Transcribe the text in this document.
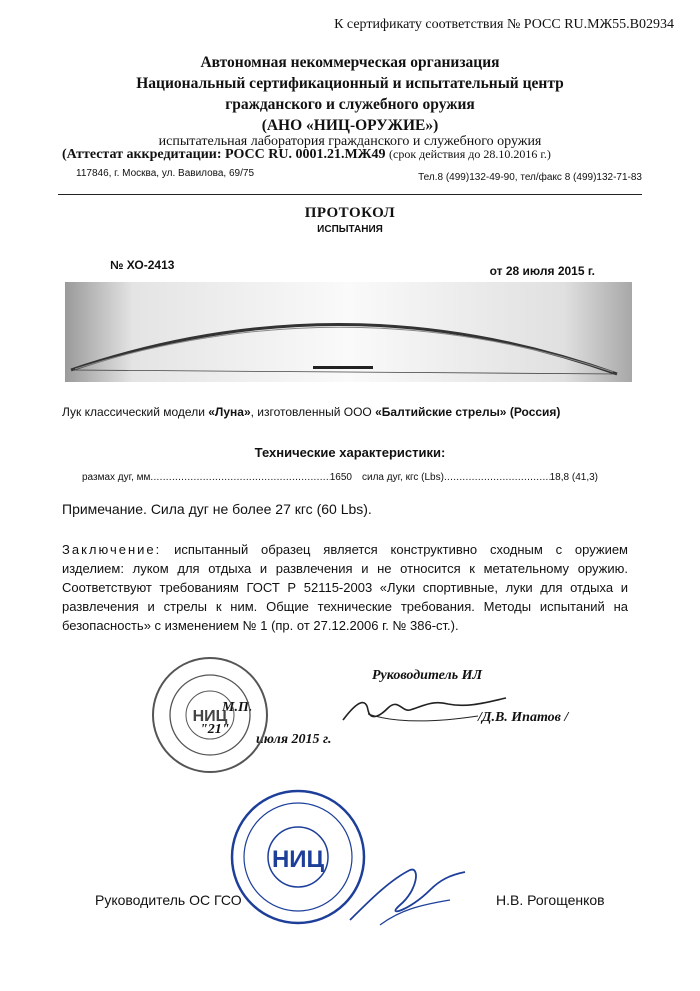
К сертификату соответствия № РОСС RU.МЖ55.В02934
Автономная некоммерческая организация
Национальный сертификационный и испытательный центр
гражданского и служебного оружия
(АНО «НИЦ-ОРУЖИЕ»)
испытательная лаборатория гражданского и служебного оружия
(Аттестат аккредитации: РОСС RU. 0001.21.МЖ49 (срок действия до 28.10.2016 г.)
117846, г. Москва, ул. Вавилова, 69/75	Тел.8 (499)132-49-90, тел/факс 8 (499)132-71-83
ПРОТОКОЛ
ИСПЫТАНИЯ
№ ХО-2413	от 28 июля 2015 г.
Лук классический модели «Луна», изготовленный ООО «Балтийские стрелы» (Россия)
Технические характеристики:
размах дуг, мм .....	1650 сила дуг, кгс (Lbs) .....	18,8 (41,3)
Примечание. Сила дуг не более 27 кгс (60 Lbs).
Заключение: испытанный образец является конструктивно сходным с оружием изделием: луком для отдыха и развлечения и не относится к метательному оружию. Соответствуют требованиям ГОСТ Р 52115-2003 «Луки спортивные, луки для отдыха и развлечения и стрелы к ним. Общие технические требования. Методы испытаний на безопасность» с изменением № 1 (пр. от 27.12.2006 г. № 386-ст.).
Руководитель ИЛ
М.П.
"21"
июля 2015 г.
/Д.В. Ипатов /
НИЦ
НИЦ
Руководитель ОС ГСО	Н.В. Рогощенков
